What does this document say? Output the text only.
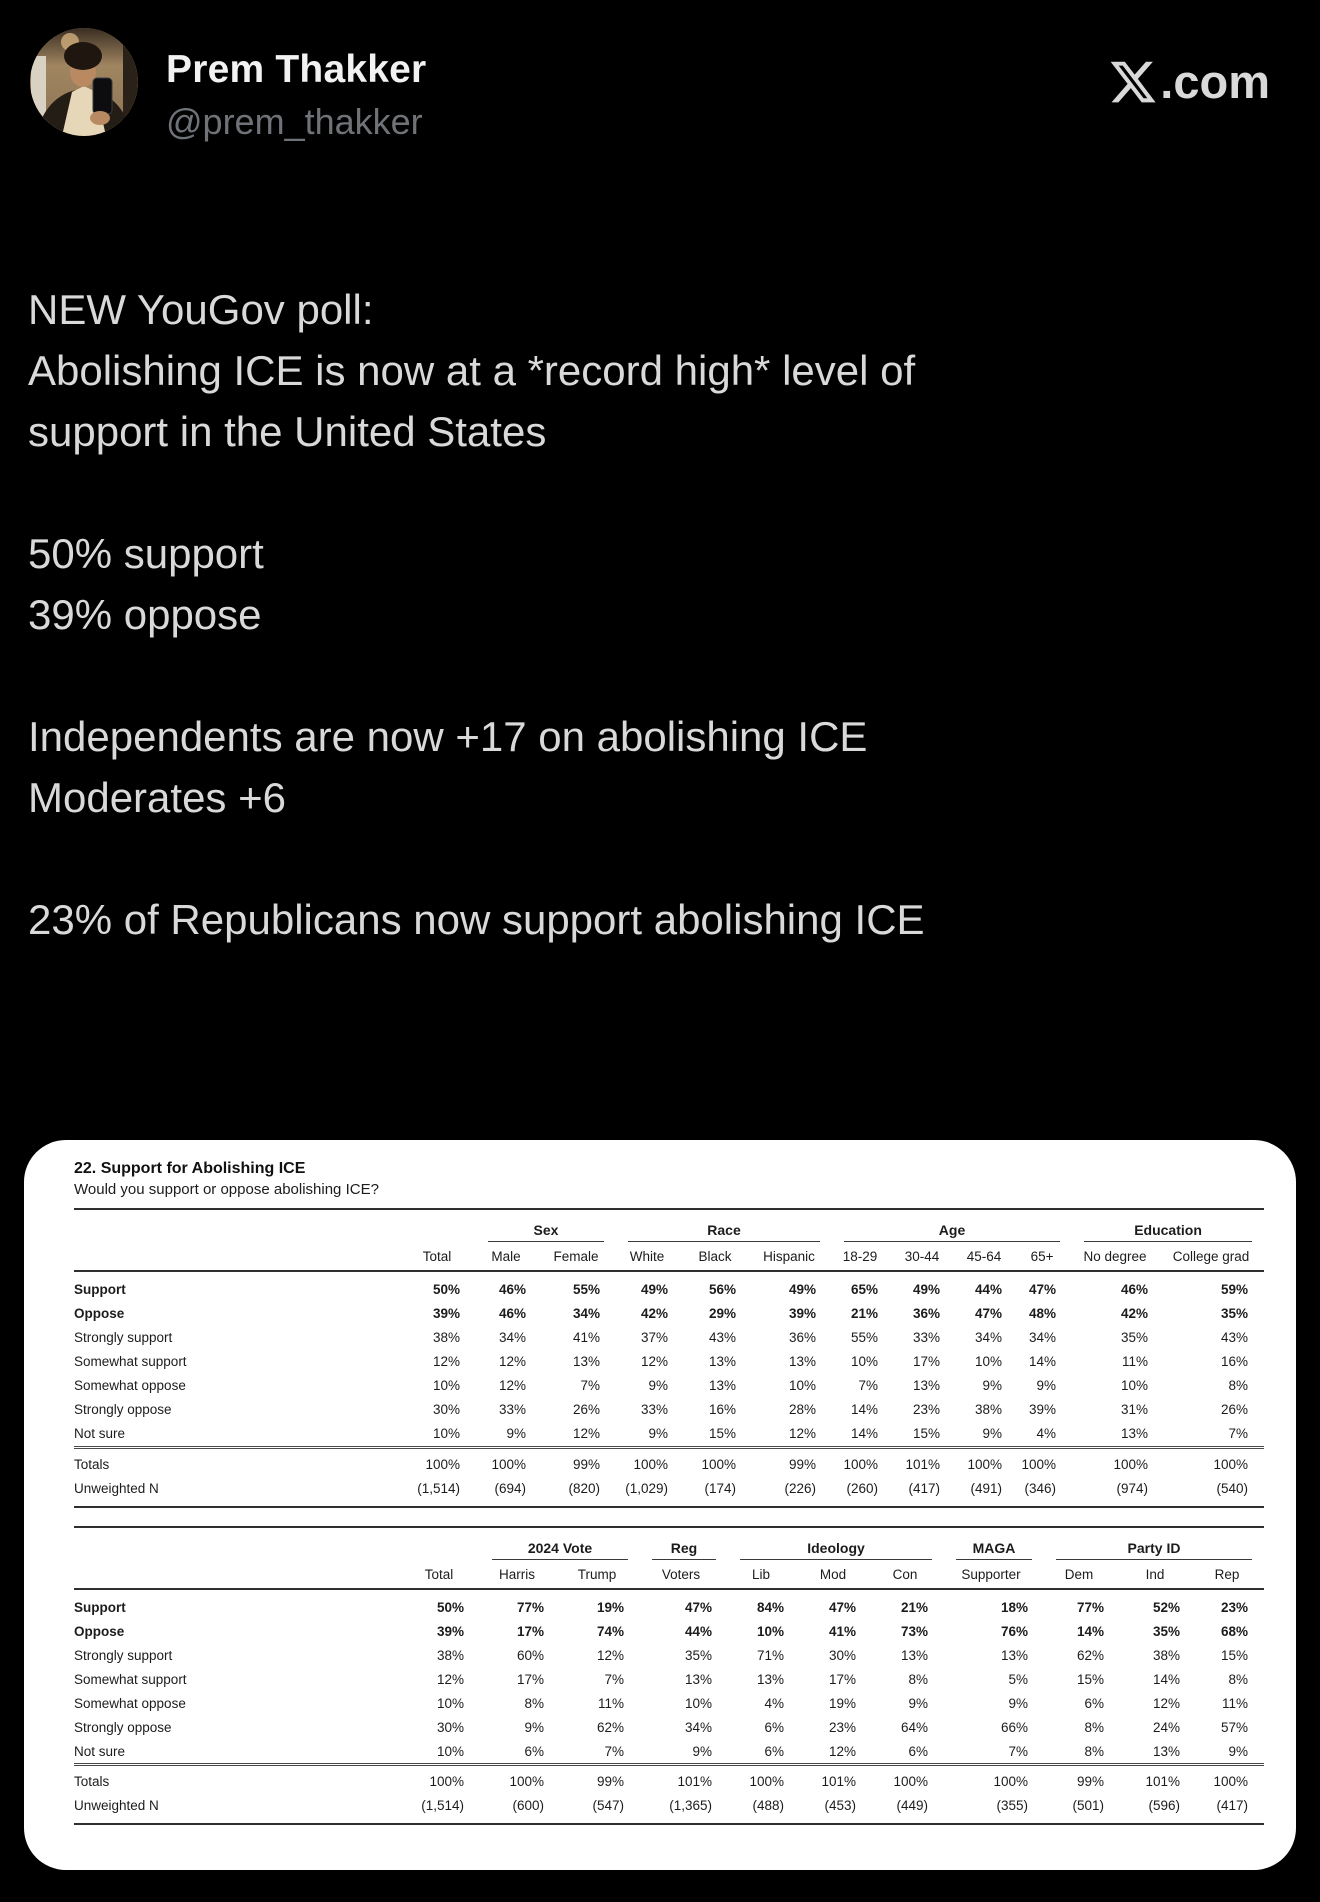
Prem Thakker
@prem_thakker
.com

NEW YouGov poll:
Abolishing ICE is now at a *record high* level of
support in the United States

50% support
39% oppose

Independents are now +17 on abolishing ICE
Moderates +6

23% of Republicans now support abolishing ICE

22. Support for Abolishing ICE
Would you support or oppose abolishing ICE?

		Sex		Race			Age				Education	

	Total	Male	Female	White	Black	Hispanic	18-29	30-44	45-64	65+	No degree	College grad
Support	50%	46%	55%	49%	56%	49%	65%	49%	44%	47%	46%	59%
Oppose	39%	46%	34%	42%	29%	39%	21%	36%	47%	48%	42%	35%
Strongly support	38%	34%	41%	37%	43%	36%	55%	33%	34%	34%	35%	43%
Somewhat support	12%	12%	13%	12%	13%	13%	10%	17%	10%	14%	11%	16%
Somewhat oppose	10%	12%	7%	9%	13%	10%	7%	13%	9%	9%	10%	8%
Strongly oppose	30%	33%	26%	33%	16%	28%	14%	23%	38%	39%	31%	26%
Not sure	10%	9%	12%	9%	15%	12%	14%	15%	9%	4%	13%	7%
Totals	100%	100%	99%	100%	100%	99%	100%	101%	100%	100%	100%	100%
Unweighted N	(1,514)	(694)	(820)	(1,029)	(174)	(226)	(260)	(417)	(491)	(346)	(974)	(540)

		2024 Vote		Reg	Ideology			MAGA	Party ID		

	Total	Harris	Trump	Voters	Lib	Mod	Con	Supporter	Dem	Ind	Rep
Support	50%	77%	19%	47%	84%	47%	21%	18%	77%	52%	23%
Oppose	39%	17%	74%	44%	10%	41%	73%	76%	14%	35%	68%
Strongly support	38%	60%	12%	35%	71%	30%	13%	13%	62%	38%	15%
Somewhat support	12%	17%	7%	13%	13%	17%	8%	5%	15%	14%	8%
Somewhat oppose	10%	8%	11%	10%	4%	19%	9%	9%	6%	12%	11%
Strongly oppose	30%	9%	62%	34%	6%	23%	64%	66%	8%	24%	57%
Not sure	10%	6%	7%	9%	6%	12%	6%	7%	8%	13%	9%
Totals	100%	100%	99%	101%	100%	101%	100%	100%	99%	101%	100%
Unweighted N	(1,514)	(600)	(547)	(1,365)	(488)	(453)	(449)	(355)	(501)	(596)	(417)
